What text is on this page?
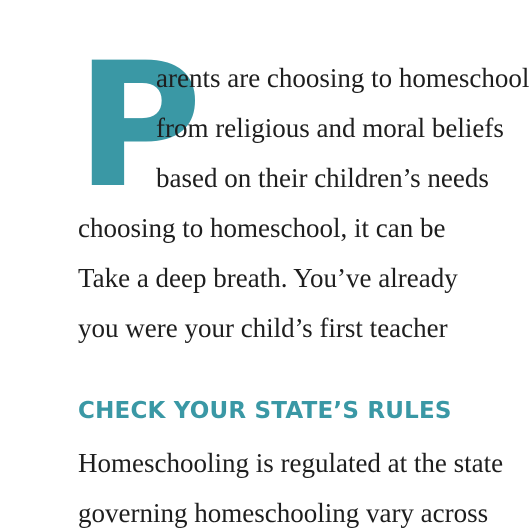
P
arents are choosing to homeschool
from religious and moral beliefs
based on their children’s needs
choosing to homeschool, it can be
Take a deep breath. You’ve already
you were your child’s first teacher
CHECK YOUR STATE’S RULES
Homeschooling is regulated at the state
governing homeschooling vary across
